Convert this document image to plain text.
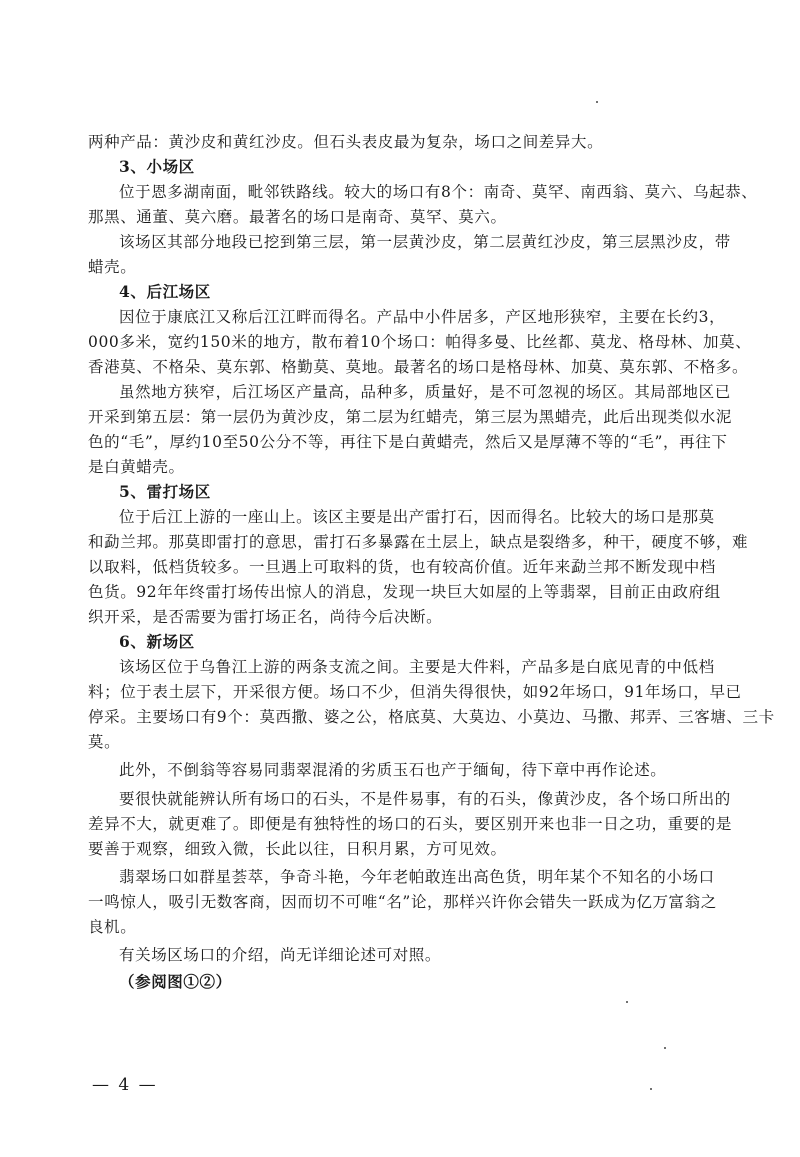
两种产品：黄沙皮和黄红沙皮。但石头表皮最为复杂，场口之间差异大。
3、小场区
位于恩多湖南面，毗邻铁路线。较大的场口有8个：南奇、莫罕、南西翁、莫六、乌起恭、
那黑、通董、莫六磨。最著名的场口是南奇、莫罕、莫六。
该场区其部分地段已挖到第三层，第一层黄沙皮，第二层黄红沙皮，第三层黑沙皮，带
蜡壳。
4、后江场区
因位于康底江又称后江江畔而得名。产品中小件居多，产区地形狭窄，主要在长约3，
000多米，宽约150米的地方，散布着10个场口：帕得多曼、比丝都、莫龙、格母林、加莫、
香港莫、不格朵、莫东郭、格勤莫、莫地。最著名的场口是格母林、加莫、莫东郭、不格多。
虽然地方狭窄，后江场区产量高，品种多，质量好，是不可忽视的场区。其局部地区已
开采到第五层：第一层仍为黄沙皮，第二层为红蜡壳，第三层为黑蜡壳，此后出现类似水泥
色的“毛”，厚约10至50公分不等，再往下是白黄蜡壳，然后又是厚薄不等的“毛”，再往下
是白黄蜡壳。
5、雷打场区
位于后江上游的一座山上。该区主要是出产雷打石，因而得名。比较大的场口是那莫
和勐兰邦。那莫即雷打的意思，雷打石多暴露在土层上，缺点是裂绺多，种干，硬度不够，难
以取料，低档货较多。一旦遇上可取料的货，也有较高价值。近年来勐兰邦不断发现中档
色货。92年年终雷打场传出惊人的消息，发现一块巨大如屋的上等翡翠，目前正由政府组
织开采，是否需要为雷打场正名，尚待今后决断。
6、新场区
该场区位于乌鲁江上游的两条支流之间。主要是大件料，产品多是白底见青的中低档
料；位于表土层下，开采很方便。场口不少，但消失得很快，如92年场口，91年场口，早已
停采。主要场口有9个：莫西撒、婆之公，格底莫、大莫边、小莫边、马撒、邦弄、三客塘、三卡
莫。
此外，不倒翁等容易同翡翠混淆的劣质玉石也产于缅甸，待下章中再作论述。
要很快就能辨认所有场口的石头，不是件易事，有的石头，像黄沙皮，各个场口所出的
差异不大，就更难了。即便是有独特性的场口的石头，要区别开来也非一日之功，重要的是
要善于观察，细致入微，长此以往，日积月累，方可见效。
翡翠场口如群星荟萃，争奇斗艳，今年老帕敢连出高色货，明年某个不知名的小场口
一鸣惊人，吸引无数客商，因而切不可唯“名”论，那样兴许你会错失一跃成为亿万富翁之
良机。
有关场区场口的介绍，尚无详细论述可对照。
（参阅图①②）
— 4 —
